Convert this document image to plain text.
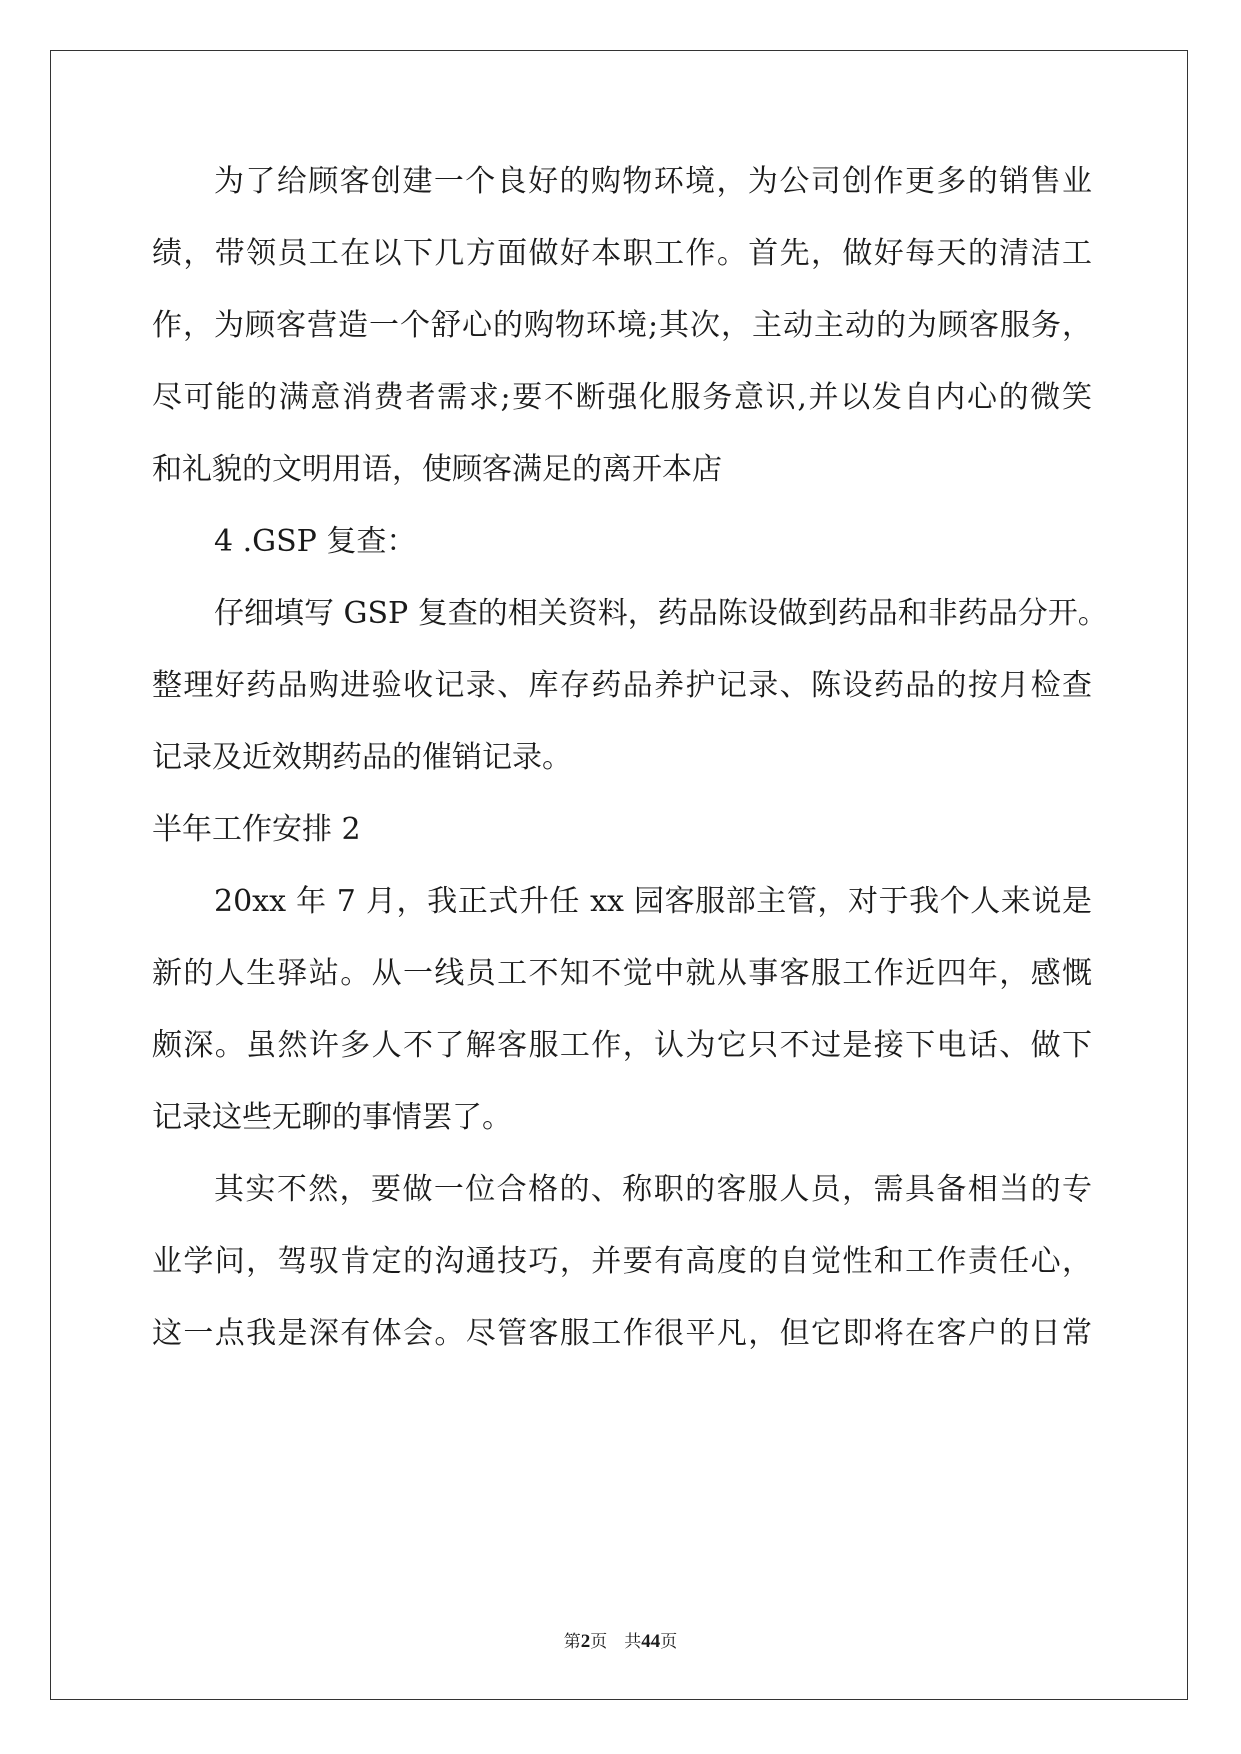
为了给顾客创建一个良好的购物环境，为公司创作更多的销售业
绩，带领员工在以下几方面做好本职工作。首先，做好每天的清洁工
作，为顾客营造一个舒心的购物环境;其次，主动主动的为顾客服务，
尽可能的满意消费者需求;要不断强化服务意识,并以发自内心的微笑
和礼貌的文明用语，使顾客满足的离开本店
4 .GSP 复查：
仔细填写 GSP 复查的相关资料，药品陈设做到药品和非药品分开。
整理好药品购进验收记录、库存药品养护记录、陈设药品的按月检查
记录及近效期药品的催销记录。
半年工作安排 2
20xx 年 7 月，我正式升任 xx 园客服部主管，对于我个人来说是
新的人生驿站。从一线员工不知不觉中就从事客服工作近四年，感慨
颇深。虽然许多人不了解客服工作，认为它只不过是接下电话、做下
记录这些无聊的事情罢了。
其实不然，要做一位合格的、称职的客服人员，需具备相当的专
业学问，驾驭肯定的沟通技巧，并要有高度的自觉性和工作责任心，
这一点我是深有体会。尽管客服工作很平凡，但它即将在客户的日常
第2页　共44页
